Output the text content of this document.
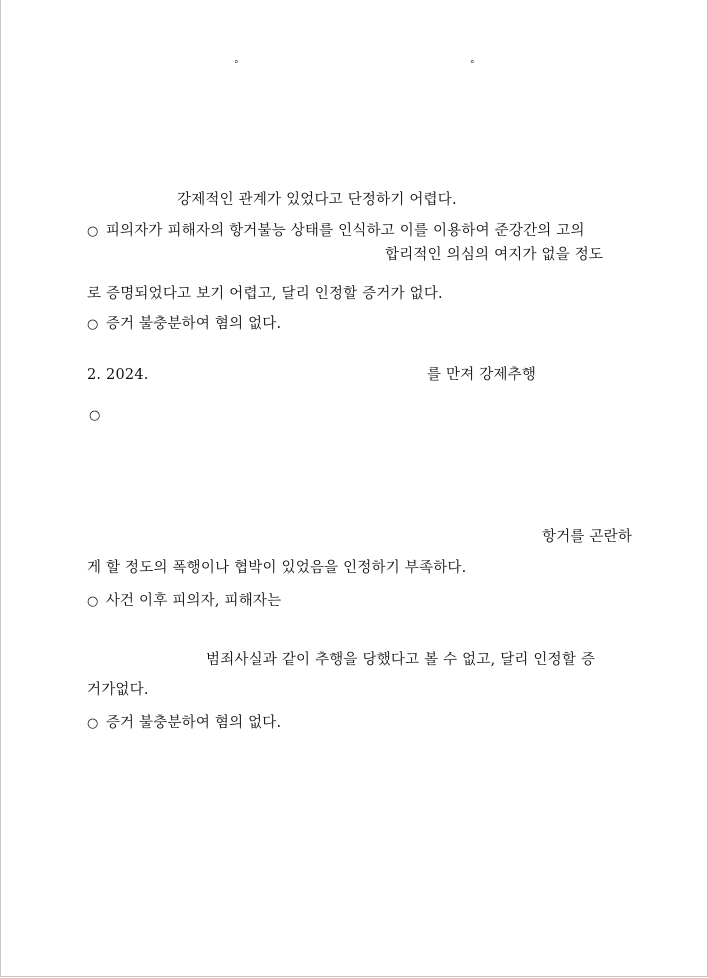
°	°
강제적인 관계가 있었다고 단정하기 어렵다.
○ 피의자가 피해자의 항거불능 상태를 인식하고 이를 이용하여 준강간의 고의
합리적인 의심의 여지가 없을 정도
로 증명되었다고 보기 어렵고, 달리 인정할 증거가 없다.
○ 증거 불충분하여 혐의 없다.
2. 2024.	를 만져 강제추행
○
항거를 곤란하
게 할 정도의 폭행이나 협박이 있었음을 인정하기 부족하다.
○ 사건 이후 피의자, 피해자는
범죄사실과 같이 추행을 당했다고 볼 수 없고, 달리 인정할 증
거가없다.
○ 증거 불충분하여 혐의 없다.
